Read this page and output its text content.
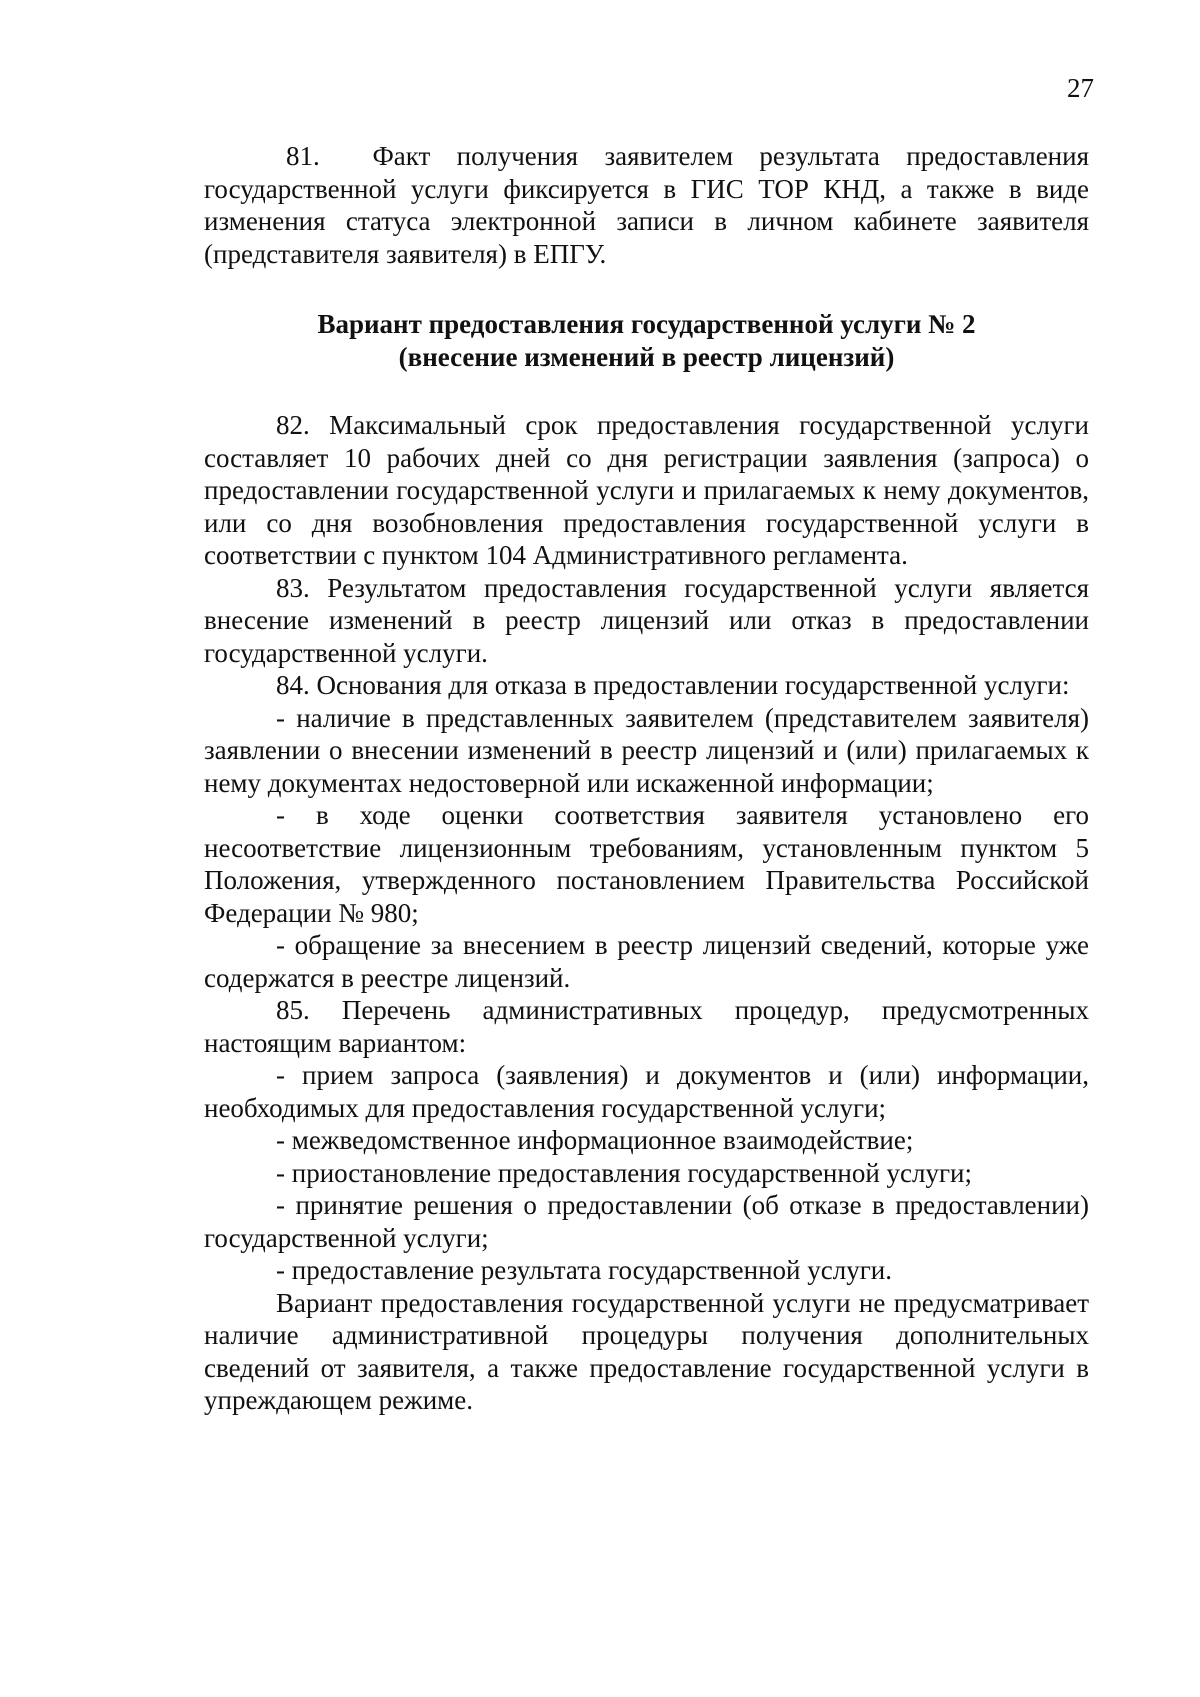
27

81.  Факт получения заявителем результата предоставления государственной услуги фиксируется в ГИС ТОР КНД, а также в виде изменения статуса электронной записи в личном кабинете заявителя (представителя заявителя) в ЕПГУ.

Вариант предоставления государственной услуги № 2
(внесение изменений в реестр лицензий)

82. Максимальный срок предоставления государственной услуги составляет 10 рабочих дней со дня регистрации заявления (запроса) о предоставлении государственной услуги и прилагаемых к нему документов, или со дня возобновления предоставления государственной услуги в соответствии с пунктом 104 Административного регламента.

83. Результатом предоставления государственной услуги является внесение изменений в реестр лицензий или отказ в предоставлении государственной услуги.

84. Основания для отказа в предоставлении государственной услуги:

- наличие в представленных заявителем (представителем заявителя) заявлении о внесении изменений в реестр лицензий и (или) прилагаемых к нему документах недостоверной или искаженной информации;

- в ходе оценки соответствия заявителя установлено его несоответствие лицензионным требованиям, установленным пунктом 5 Положения, утвержденного постановлением Правительства Российской Федерации № 980;

- обращение за внесением в реестр лицензий сведений, которые уже содержатся в реестре лицензий.

85. Перечень административных процедур, предусмотренных настоящим вариантом:

- прием запроса (заявления) и документов и (или) информации, необходимых для предоставления государственной услуги;

- межведомственное информационное взаимодействие;

- приостановление предоставления государственной услуги;

- принятие решения о предоставлении (об отказе в предоставлении) государственной услуги;

- предоставление результата государственной услуги.

Вариант предоставления государственной услуги не предусматривает наличие административной процедуры получения дополнительных сведений от заявителя, а также предоставление государственной услуги в упреждающем режиме.
